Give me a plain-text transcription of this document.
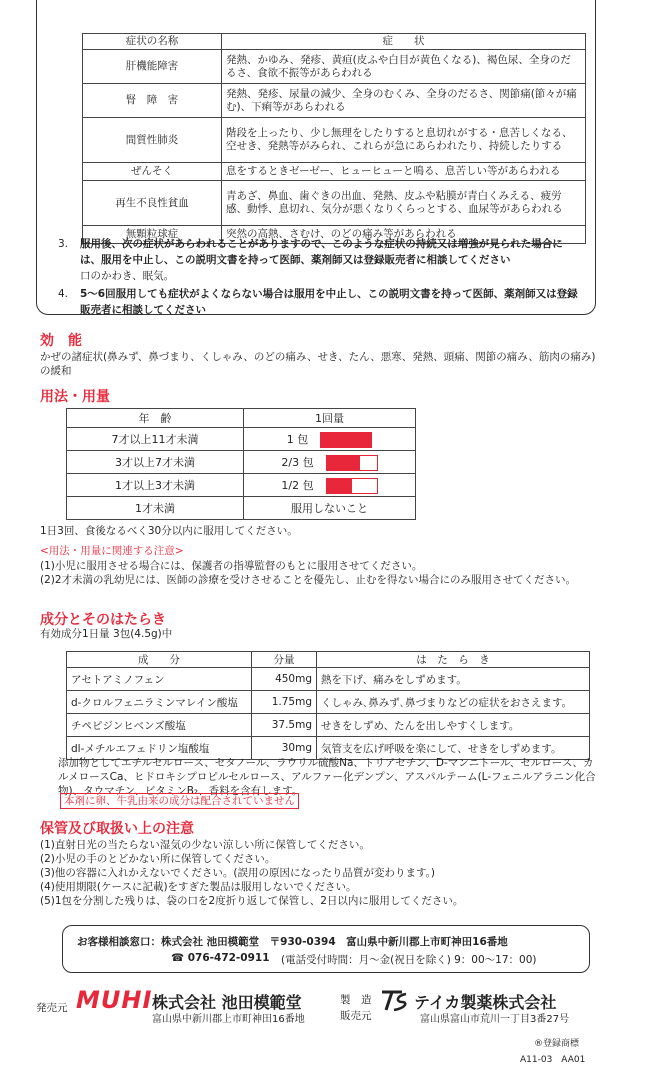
症状の名称	症　　状
肝機能障害	発熱、かゆみ、発疹、黄疸(皮ふや白目が黄色くなる)、褐色尿、全身のだるさ、食欲不振等があらわれる
腎　障　害	発熱、発疹、尿量の減少、全身のむくみ、全身のだるさ、関節痛(節々が痛む)、下痢等があらわれる
間質性肺炎	階段を上ったり、少し無理をしたりすると息切れがする・息苦しくなる、空せき、発熱等がみられ、これらが急にあらわれたり、持続したりする
ぜんそく	息をするときゼーゼー、ヒューヒューと鳴る、息苦しい等があらわれる
再生不良性貧血	青あざ、鼻血、歯ぐきの出血、発熱、皮ふや粘膜が青白くみえる、疲労感、動悸、息切れ、気分が悪くなりくらっとする、血尿等があらわれる
無顆粒球症	突然の高熱、さむけ、のどの痛み等があらわれる
3. 服用後、次の症状があらわれることがありますので、このような症状の持続又は増強が見られた場合には、服用を中止し、この説明文書を持って医師、薬剤師又は登録販売者に相談してください
口のかわき、眠気。
4. 5～6回服用しても症状がよくならない場合は服用を中止し、この説明文書を持って医師、薬剤師又は登録販売者に相談してください
効　能
かぜの諸症状(鼻みず、鼻づまり、くしゃみ、のどの痛み、せき、たん、悪寒、発熱、頭痛、関節の痛み、筋肉の痛み)の緩和
用法・用量
年　齢	1回量
7才以上11才未満	1 包

3才以上7才未満	2/3 包

1才以上3才未満	1/2 包

1才未満	服用しないこと
1日3回、食後なるべく30分以内に服用してください。
<用法・用量に関連する注意>
(1)小児に服用させる場合には、保護者の指導監督のもとに服用させてください。
(2)2才未満の乳幼児には、医師の診療を受けさせることを優先し、止むを得ない場合にのみ服用させてください。
成分とそのはたらき
有効成分1日量 3包(4.5g)中
成　　分	分量	は　た　ら　き
アセトアミノフェン	450mg	熱を下げ、痛みをしずめます。
d-クロルフェニラミンマレイン酸塩	1.75mg	くしゃみ､鼻みず､鼻づまりなどの症状をおさえます。
チペピジンヒベンズ酸塩	37.5mg	せきをしずめ、たんを出しやすくします。
dl-メチルエフェドリン塩酸塩	30mg	気管支を広げ呼吸を楽にして、せきをしずめます。
添加物としてエチルセルロース、セタノール、ラウリル硫酸Na、トリアセチン、D-マンニトール、セルロース、カルメロースCa、ヒドロキシプロピルセルロース、アルファー化デンプン、アスパルテーム(L-フェニルアラニン化合物)、タウマチン、ビタミンB₂、香料を含有します。
本剤に卵、牛乳由来の成分は配合されていません
保管及び取扱い上の注意
(1)直射日光の当たらない湿気の少ない涼しい所に保管してください。
(2)小児の手のとどかない所に保管してください。
(3)他の容器に入れかえないでください。(誤用の原因になったり品質が変わります。)
(4)使用期限(ケースに記載)をすぎた製品は服用しないでください。
(5)1包を分割した残りは、袋の口を2度折り返して保管し、2日以内に服用してください。
お客様相談窓口：株式会社 池田模範堂　〒930-0394　富山県中新川郡上市町神田16番地
☎ 076-472-0911 (電話受付時間：月～金(祝日を除く) 9：00～17：00)
発売元 MUHI 株式会社 池田模範堂
富山県中新川郡上市町神田16番地
製　造
販売元
テイカ製薬株式会社
富山県富山市荒川一丁目3番27号
®登録商標
A11-03　AA01
